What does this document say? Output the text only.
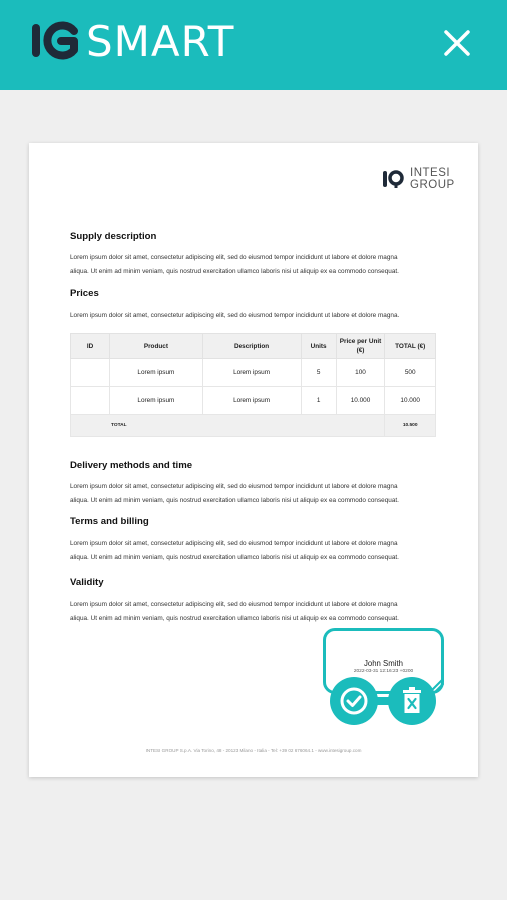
SMART
INTESI
GROUP
Supply description
Lorem ipsum dolor sit amet, consectetur adipiscing elit, sed do eiusmod tempor incididunt ut labore et dolore magna
aliqua. Ut enim ad minim veniam, quis nostrud exercitation ullamco laboris nisi ut aliquip ex ea commodo consequat.
Prices
Lorem ipsum dolor sit amet, consectetur adipiscing elit, sed do eiusmod tempor incididunt ut labore et dolore magna.
ID	Product	Description	Units	Price per Unit (€)	TOTAL (€)
	Lorem ipsum	Lorem ipsum	5	100	500
	Lorem ipsum	Lorem ipsum	1	10.000	10.000
TOTAL					10.500
Delivery methods and time
Lorem ipsum dolor sit amet, consectetur adipiscing elit, sed do eiusmod tempor incididunt ut labore et dolore magna
aliqua. Ut enim ad minim veniam, quis nostrud exercitation ullamco laboris nisi ut aliquip ex ea commodo consequat.
Terms and billing
Lorem ipsum dolor sit amet, consectetur adipiscing elit, sed do eiusmod tempor incididunt ut labore et dolore magna
aliqua. Ut enim ad minim veniam, quis nostrud exercitation ullamco laboris nisi ut aliquip ex ea commodo consequat.
Validity
Lorem ipsum dolor sit amet, consectetur adipiscing elit, sed do eiusmod tempor incididunt ut labore et dolore magna
aliqua. Ut enim ad minim veniam, quis nostrud exercitation ullamco laboris nisi ut aliquip ex ea commodo consequat.
INTESI GROUP S.p.A. Via Torino, 48 - 20123 Milano - Italia - Tel: +39 02 676064.1 - www.intesigroup.com
John Smith
2022-03-31 12:16:23 +0200
